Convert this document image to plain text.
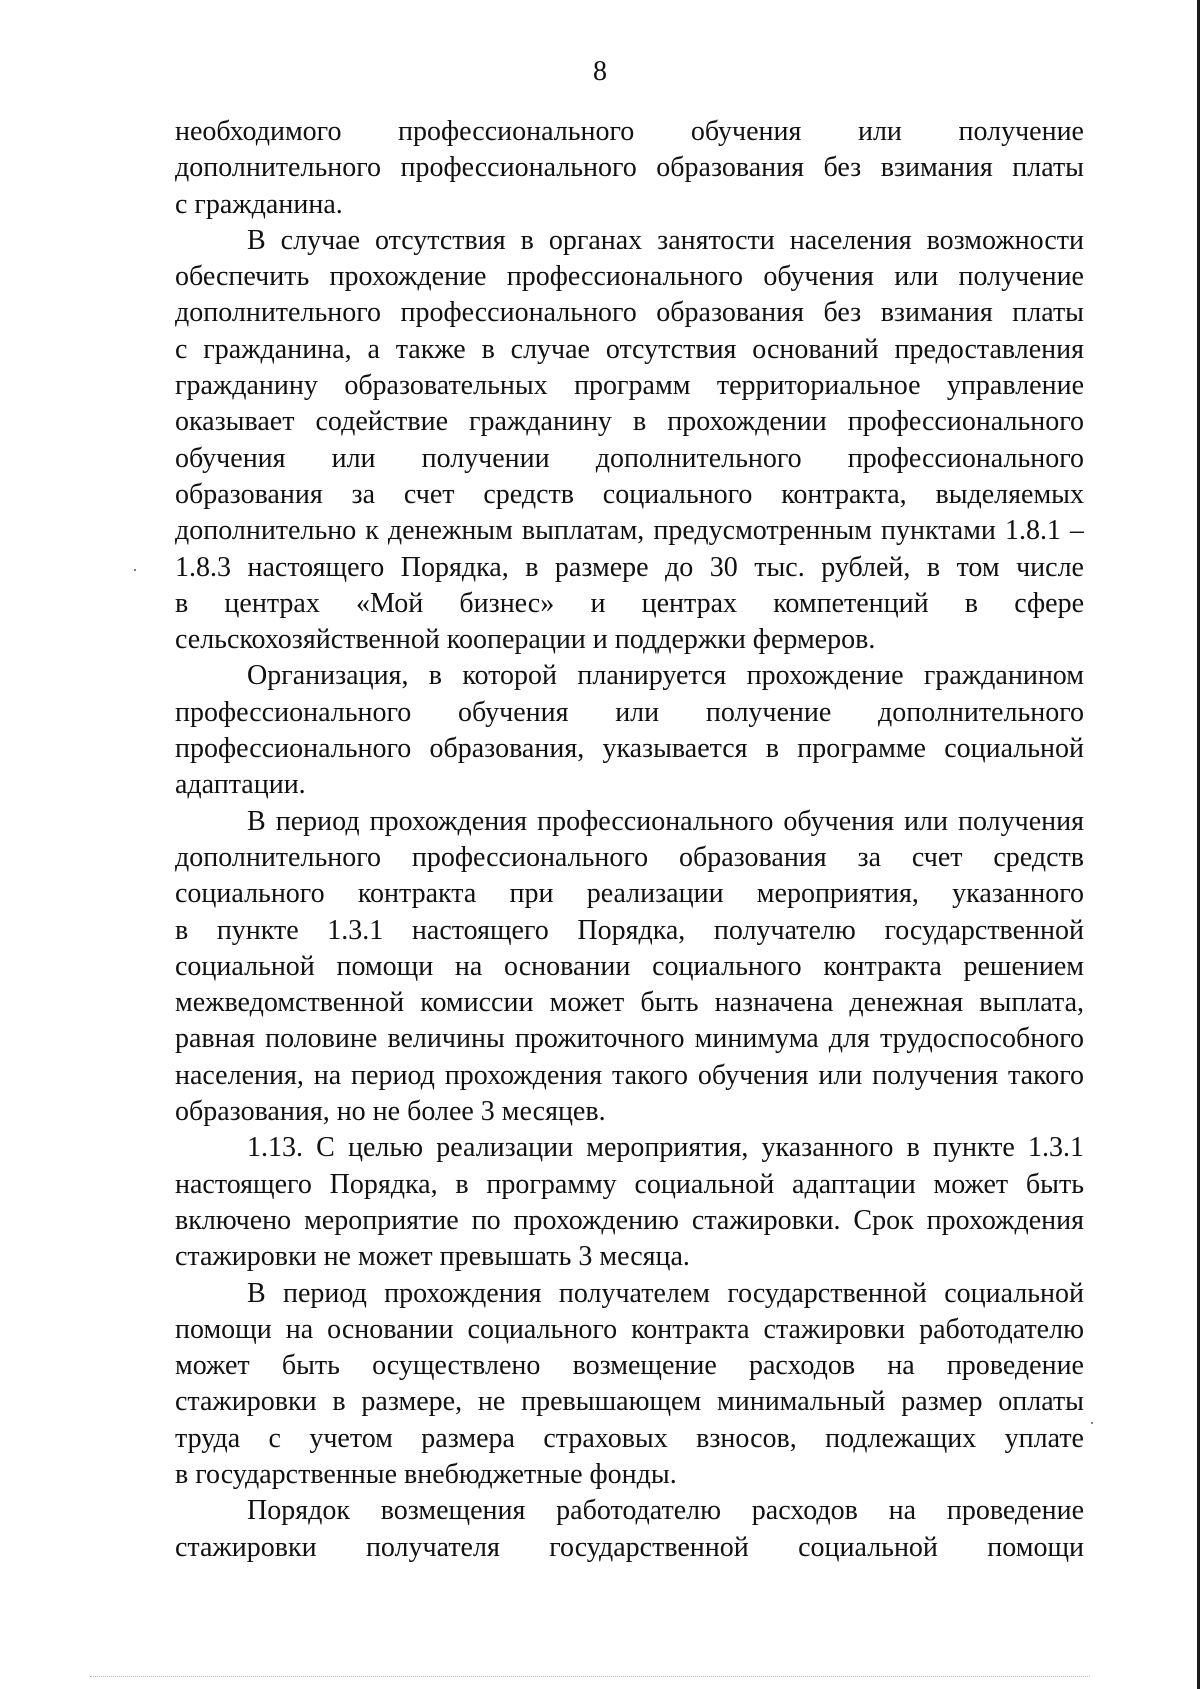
8

необходимого профессионального обучения или получение
дополнительного профессионального образования без взимания платы
с гражданина.

В случае отсутствия в органах занятости населения возможности
обеспечить прохождение профессионального обучения или получение
дополнительного профессионального образования без взимания платы
с гражданина, а также в случае отсутствия оснований предоставления
гражданину образовательных программ территориальное управление
оказывает содействие гражданину в прохождении профессионального
обучения или получении дополнительного профессионального
образования за счет средств социального контракта, выделяемых
дополнительно к денежным выплатам, предусмотренным пунктами 1.8.1 –
1.8.3 настоящего Порядка, в размере до 30 тыс. рублей, в том числе
в центрах «Мой бизнес» и центрах компетенций в сфере
сельскохозяйственной кооперации и поддержки фермеров.

Организация, в которой планируется прохождение гражданином
профессионального обучения или получение дополнительного
профессионального образования, указывается в программе социальной
адаптации.

В период прохождения профессионального обучения или получения
дополнительного профессионального образования за счет средств
социального контракта при реализации мероприятия, указанного
в пункте 1.3.1 настоящего Порядка, получателю государственной
социальной помощи на основании социального контракта решением
межведомственной комиссии может быть назначена денежная выплата,
равная половине величины прожиточного минимума для трудоспособного
населения, на период прохождения такого обучения или получения такого
образования, но не более 3 месяцев.

1.13. С целью реализации мероприятия, указанного в пункте 1.3.1
настоящего Порядка, в программу социальной адаптации может быть
включено мероприятие по прохождению стажировки. Срок прохождения
стажировки не может превышать 3 месяца.

В период прохождения получателем государственной социальной
помощи на основании социального контракта стажировки работодателю
может быть осуществлено возмещение расходов на проведение
стажировки в размере, не превышающем минимальный размер оплаты
труда с учетом размера страховых взносов, подлежащих уплате
в государственные внебюджетные фонды.

Порядок возмещения работодателю расходов на проведение
стажировки получателя государственной социальной помощи
